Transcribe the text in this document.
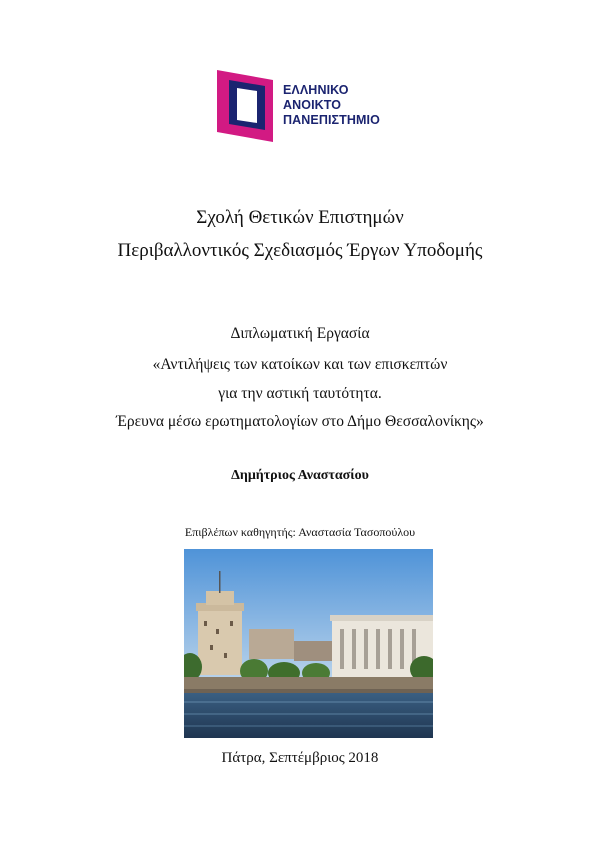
ΕΛΛΗΝΙΚΟ
ΑΝΟΙΚΤΟ
ΠΑΝΕΠΙΣΤΗΜΙΟ
Σχολή Θετικών Επιστημών
Περιβαλλοντικός Σχεδιασμός Έργων Υποδομής
Διπλωματική Εργασία
«Αντιλήψεις των κατοίκων και των επισκεπτών
για την αστική ταυτότητα.
Έρευνα μέσω ερωτηματολογίων στο Δήμο Θεσσαλονίκης»
Δημήτριος Αναστασίου
Επιβλέπων καθηγητής: Αναστασία Τασοπούλου
Πάτρα, Σεπτέμβριος 2018
